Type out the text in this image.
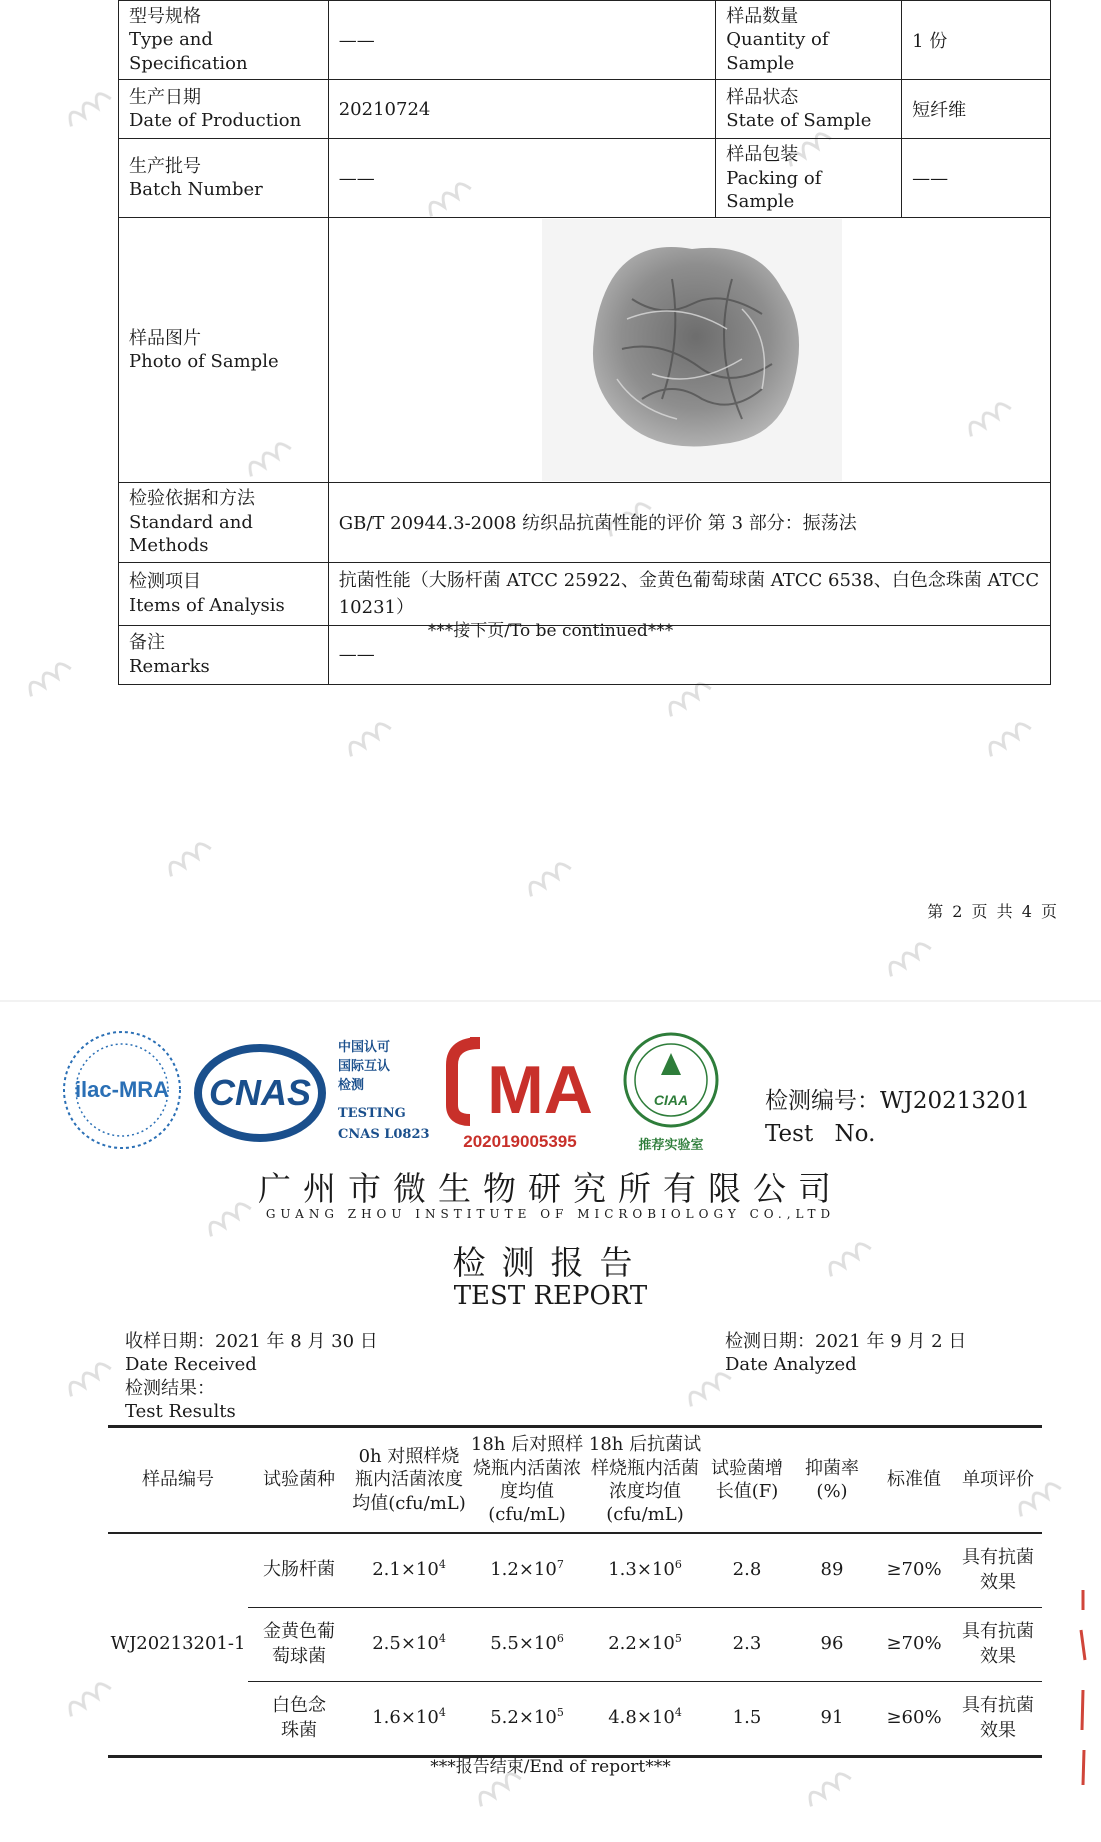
型号规格
Type and Specification	——	样品数量
Quantity of Sample	1 份

生产日期
Date of Production	20210724	样品状态
State of Sample	短纤维

生产批号
Batch Number	——	样品包装
Packing of Sample	——

样品图片
Photo of Sample

检验依据和方法
Standard and Methods	GB/T 20944.3-2008 纺织品抗菌性能的评价 第 3 部分：振荡法		

检测项目
Items of Analysis	抗菌性能（大肠杆菌 ATCC 25922、金黄色葡萄球菌 ATCC 6538、白色念珠菌 ATCC 10231）		

备注
Remarks	——		
***接下页/To be continued***
第 2 页 共 4 页
ilac-MRA CNAS
中国认可
国际互认
检测
TESTING
CNAS L0823
MA
202019005395
CIAA
推荐实验室
检测编号：WJ20213201
Test No.
广州市微生物研究所有限公司
GUANG ZHOU INSTITUTE OF MICROBIOLOGY CO.,LTD
检测报告
TEST REPORT
收样日期：2021 年 8 月 30 日
Date Received
检测结果：
Test Results
检测日期：2021 年 9 月 2 日
Date Analyzed
样品编号	试验菌种	0h 对照样烧瓶内活菌浓度均值(cfu/mL)	18h 后对照样烧瓶内活菌浓度均值(cfu/mL)	18h 后抗菌试样烧瓶内活菌浓度均值(cfu/mL)	试验菌增长值(F)	抑菌率(%)	标准值	单项评价
WJ20213201-1	大肠杆菌	$2.1\times 10^4$	$1.2\times 10^7$	$1.3\times 10^6$	2.8	89	≥70%	具有抗菌效果
	金黄色葡萄球菌	$2.5\times 10^4$	$5.5\times 10^6$	$2.2\times 10^5$	2.3	96	≥70%	具有抗菌效果
	白色念珠菌	$1.6\times 10^4$	$5.2\times 10^5$	$4.8\times 10^4$	1.5	91	≥60%	具有抗菌效果
***报告结束/End of report***
